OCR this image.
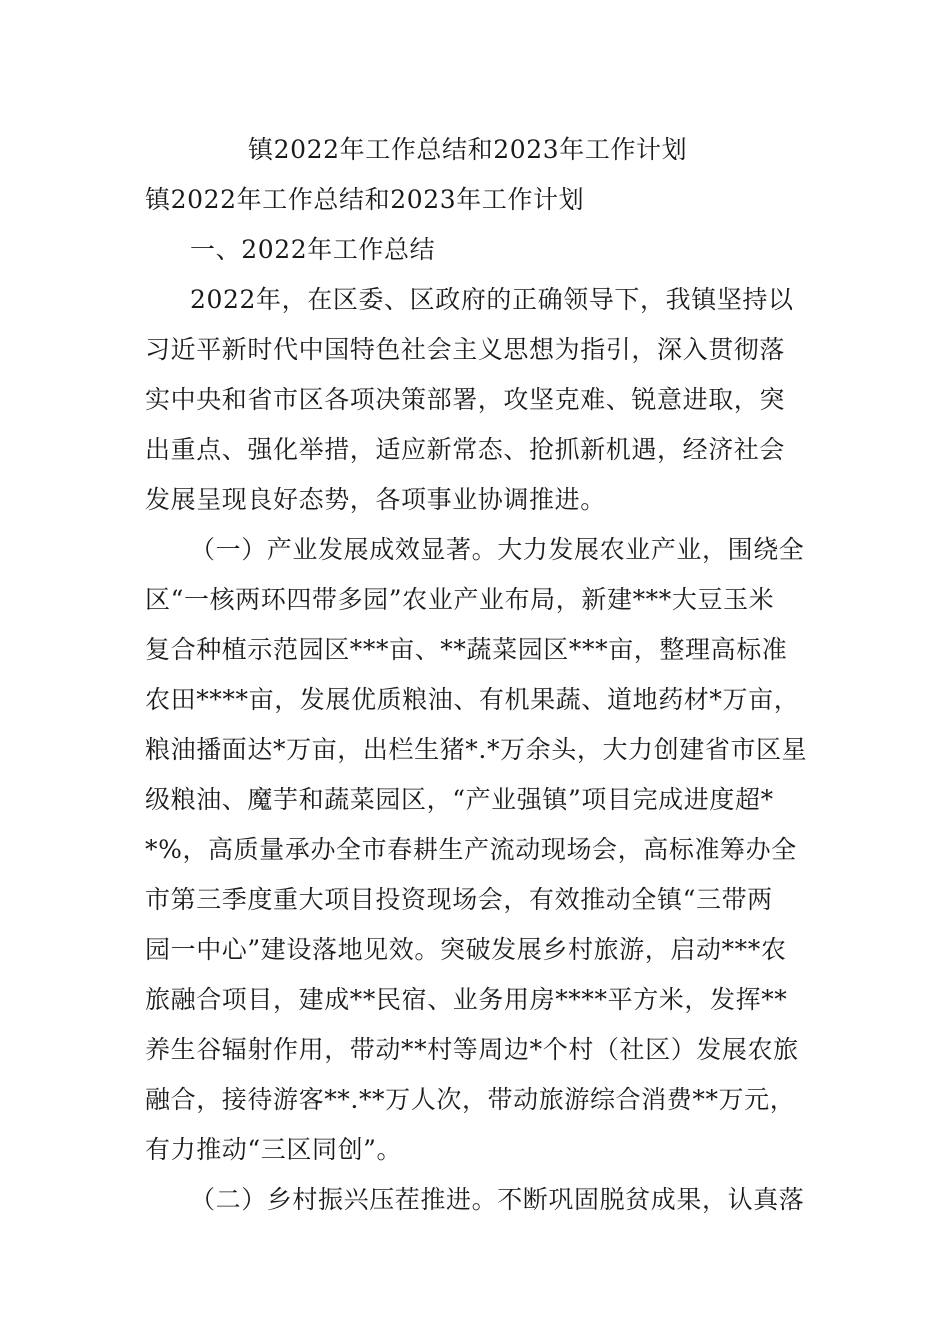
镇2022年工作总结和2023年工作计划
镇2022年工作总结和2023年工作计划
一、2022年工作总结
2022年，在区委、区政府的正确领导下，我镇坚持以
习近平新时代中国特色社会主义思想为指引，深入贯彻落
实中央和省市区各项决策部署，攻坚克难、锐意进取，突
出重点、强化举措，适应新常态、抢抓新机遇，经济社会
发展呈现良好态势，各项事业协调推进。
（一）产业发展成效显著。大力发展农业产业，围绕全
区“一核两环四带多园”农业产业布局，新建***大豆玉米
复合种植示范园区***亩、**蔬菜园区***亩，整理高标准
农田****亩，发展优质粮油、有机果蔬、道地药材*万亩，
粮油播面达*万亩，出栏生猪*.*万余头，大力创建省市区星
级粮油、魔芋和蔬菜园区，“产业强镇”项目完成进度超*
*%，高质量承办全市春耕生产流动现场会，高标准筹办全
市第三季度重大项目投资现场会，有效推动全镇“三带两
园一中心”建设落地见效。突破发展乡村旅游，启动***农
旅融合项目，建成**民宿、业务用房****平方米，发挥**
养生谷辐射作用，带动**村等周边*个村（社区）发展农旅
融合，接待游客**.**万人次，带动旅游综合消费**万元，
有力推动“三区同创”。
（二）乡村振兴压茬推进。不断巩固脱贫成果，认真落
